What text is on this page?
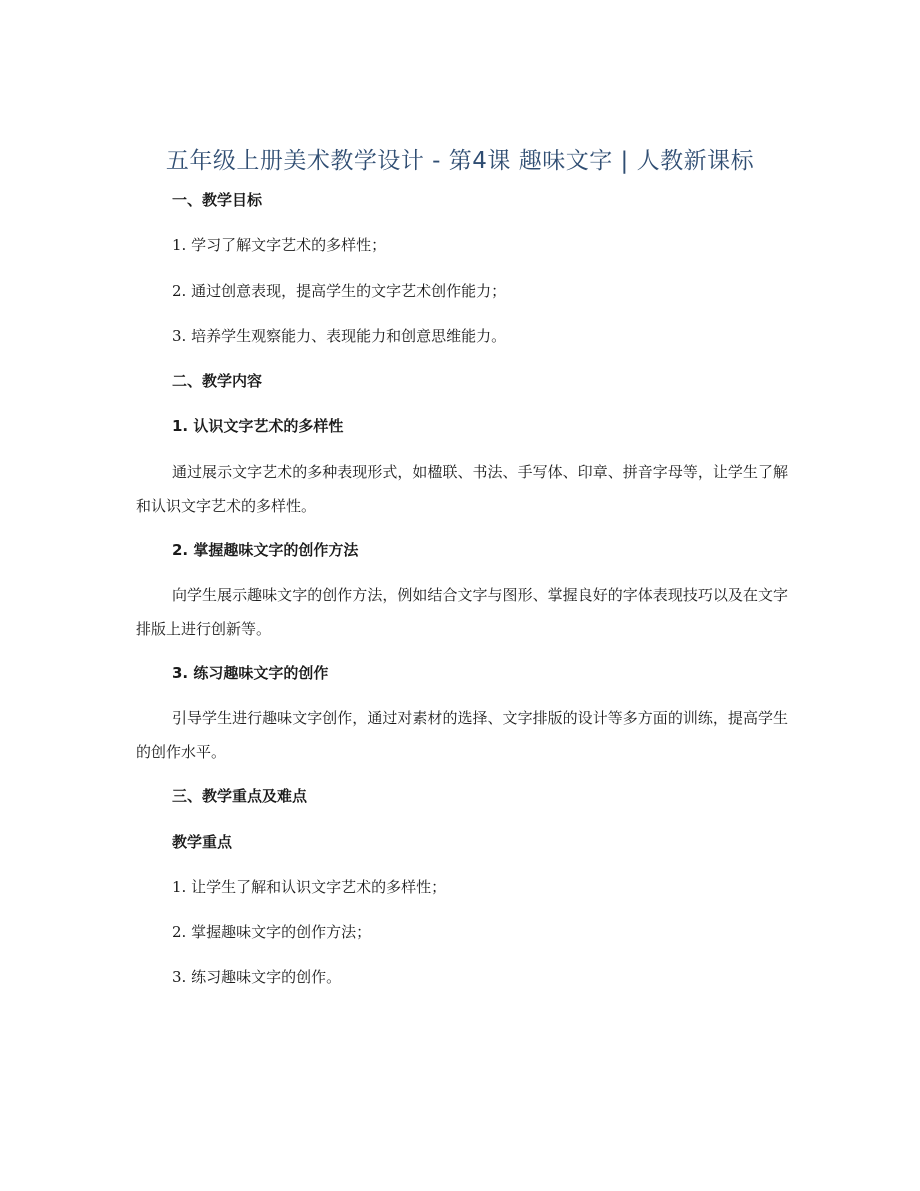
五年级上册美术教学设计 - 第4课 趣味文字 | 人教新课标
一、教学目标
1. 学习了解文字艺术的多样性；
2. 通过创意表现，提高学生的文字艺术创作能力；
3. 培养学生观察能力、表现能力和创意思维能力。
二、教学内容
1. 认识文字艺术的多样性
通过展示文字艺术的多种表现形式，如楹联、书法、手写体、印章、拼音字母等，让学生了解和认识文字艺术的多样性。
2. 掌握趣味文字的创作方法
向学生展示趣味文字的创作方法，例如结合文字与图形、掌握良好的字体表现技巧以及在文字排版上进行创新等。
3. 练习趣味文字的创作
引导学生进行趣味文字创作，通过对素材的选择、文字排版的设计等多方面的训练，提高学生的创作水平。
三、教学重点及难点
教学重点
1. 让学生了解和认识文字艺术的多样性；
2. 掌握趣味文字的创作方法；
3. 练习趣味文字的创作。
